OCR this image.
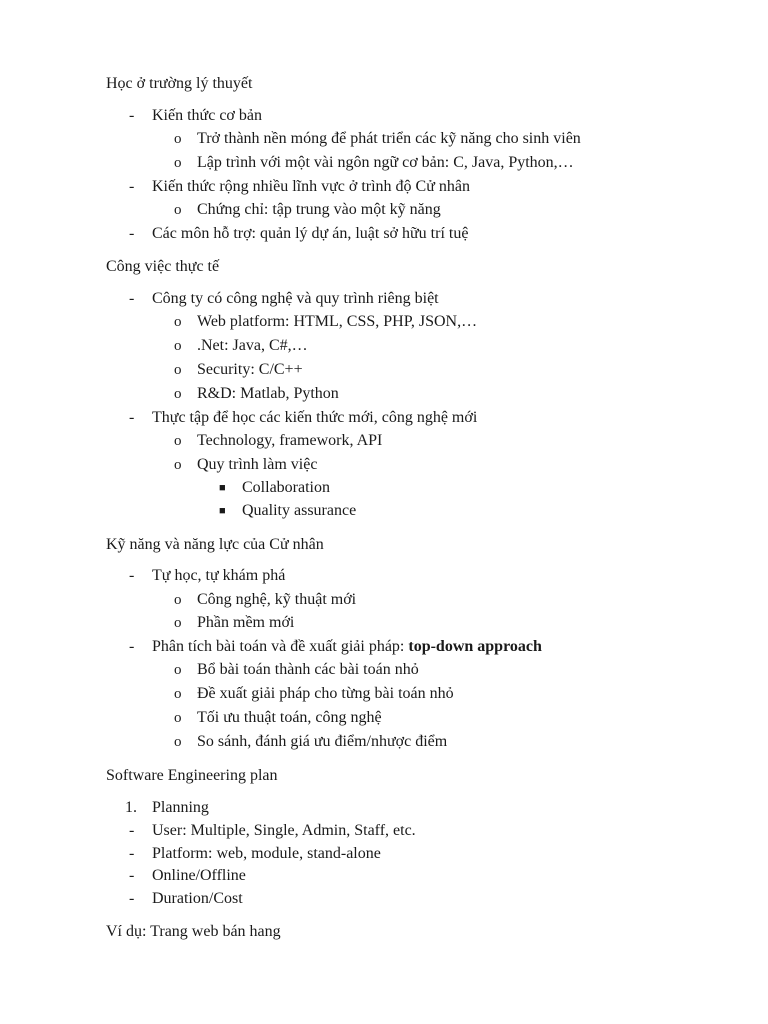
Học ở trường lý thuyết
- Kiến thức cơ bản
o Trở thành nền móng để phát triển các kỹ năng cho sinh viên
o Lập trình với một vài ngôn ngữ cơ bản: C, Java, Python,…
- Kiến thức rộng nhiều lĩnh vực ở trình độ Cử nhân
o Chứng chỉ: tập trung vào một kỹ năng
- Các môn hỗ trợ: quản lý dự án, luật sở hữu trí tuệ
Công việc thực tế
- Công ty có công nghệ và quy trình riêng biệt
o Web platform: HTML, CSS, PHP, JSON,…
o .Net: Java, C#,…
o Security: C/C++
o R&D: Matlab, Python
- Thực tập để học các kiến thức mới, công nghệ mới
o Technology, framework, API
o Quy trình làm việc
■ Collaboration
■ Quality assurance
Kỹ năng và năng lực của Cử nhân
- Tự học, tự khám phá
o Công nghệ, kỹ thuật mới
o Phần mềm mới
- Phân tích bài toán và đề xuất giải pháp: top-down approach
o Bổ bài toán thành các bài toán nhỏ
o Đề xuất giải pháp cho từng bài toán nhỏ
o Tối ưu thuật toán, công nghệ
o So sánh, đánh giá ưu điểm/nhược điểm
Software Engineering plan
1. Planning
- User: Multiple, Single, Admin, Staff, etc.
- Platform: web, module, stand-alone
- Online/Offline
- Duration/Cost
Ví dụ: Trang web bán hang
